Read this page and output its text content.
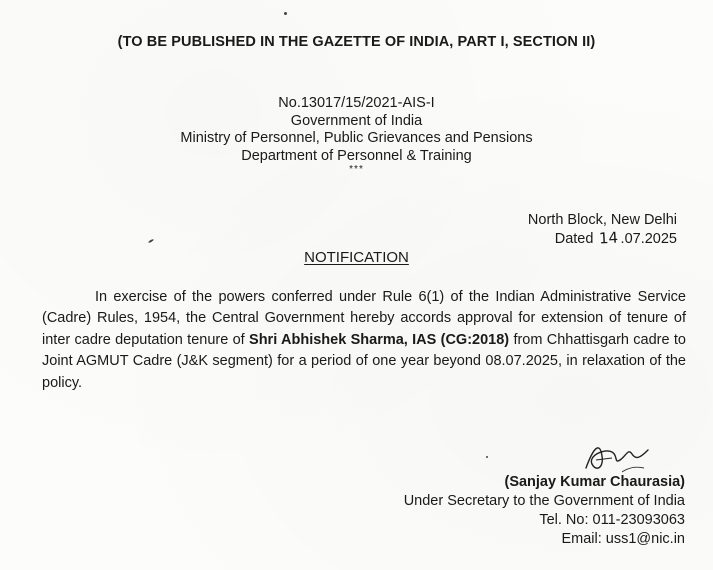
(TO BE PUBLISHED IN THE GAZETTE OF INDIA, PART I, SECTION II)
No.13017/15/2021-AIS-I
Government of India
Ministry of Personnel, Public Grievances and Pensions
Department of Personnel & Training
***
North Block, New Delhi
Dated 14 .07.2025
NOTIFICATION
In exercise of the powers conferred under Rule 6(1) of the Indian Administrative Service (Cadre) Rules, 1954, the Central Government hereby accords approval for extension of tenure of inter cadre deputation tenure of Shri Abhishek Sharma, IAS (CG:2018) from Chhattisgarh cadre to Joint AGMUT Cadre (J&K segment) for a period of one year beyond 08.07.2025, in relaxation of the policy.
(Sanjay Kumar Chaurasia)
Under Secretary to the Government of India
Tel. No: 011-23093063
Email: uss1@nic.in
